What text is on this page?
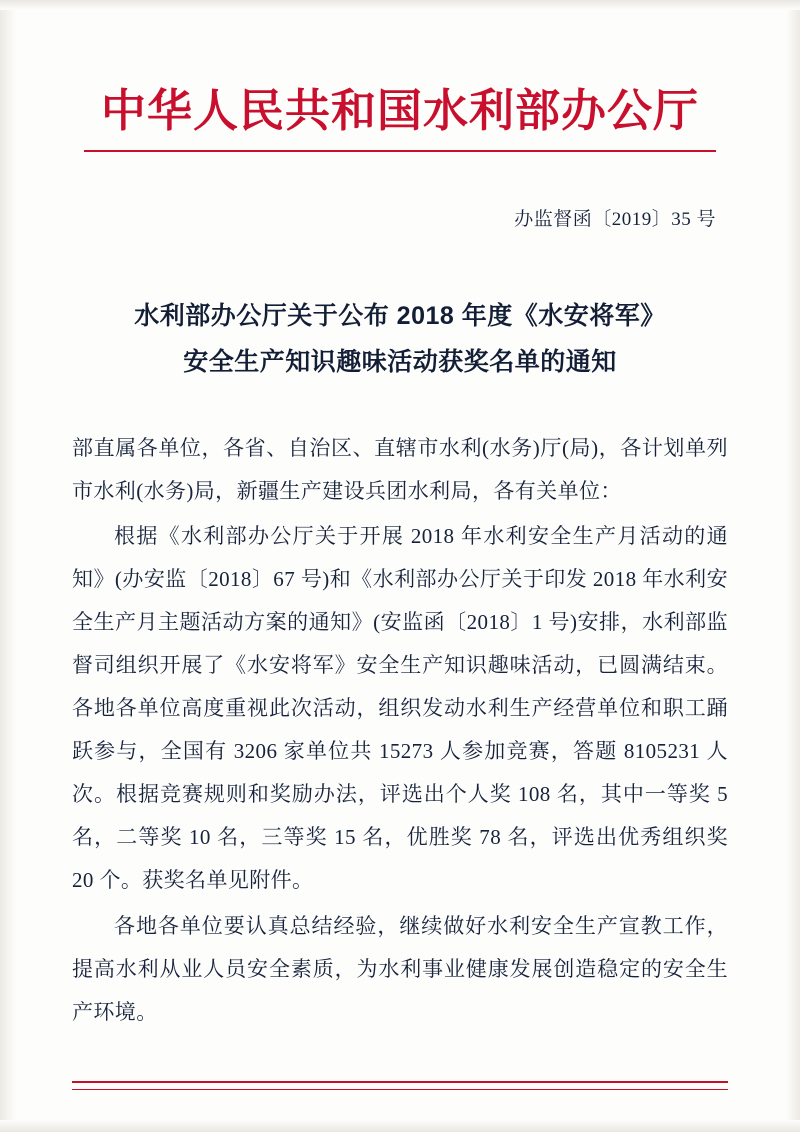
中华人民共和国水利部办公厅
办监督函〔2019〕35 号
水利部办公厅关于公布 2018 年度《水安将军》
安全生产知识趣味活动获奖名单的通知

部直属各单位，各省、自治区、直辖市水利(水务)厅(局)，各计划单列市水利(水务)局，新疆生产建设兵团水利局，各有关单位：

根据《水利部办公厅关于开展 2018 年水利安全生产月活动的通知》(办安监〔2018〕67 号)和《水利部办公厅关于印发 2018 年水利安全生产月主题活动方案的通知》(安监函〔2018〕1 号)安排，水利部监督司组织开展了《水安将军》安全生产知识趣味活动，已圆满结束。各地各单位高度重视此次活动，组织发动水利生产经营单位和职工踊跃参与，全国有 3206 家单位共 15273 人参加竞赛，答题 8105231 人次。根据竞赛规则和奖励办法，评选出个人奖 108 名，其中一等奖 5 名，二等奖 10 名，三等奖 15 名，优胜奖 78 名，评选出优秀组织奖 20 个。获奖名单见附件。

各地各单位要认真总结经验，继续做好水利安全生产宣教工作，提高水利从业人员安全素质，为水利事业健康发展创造稳定的安全生产环境。
